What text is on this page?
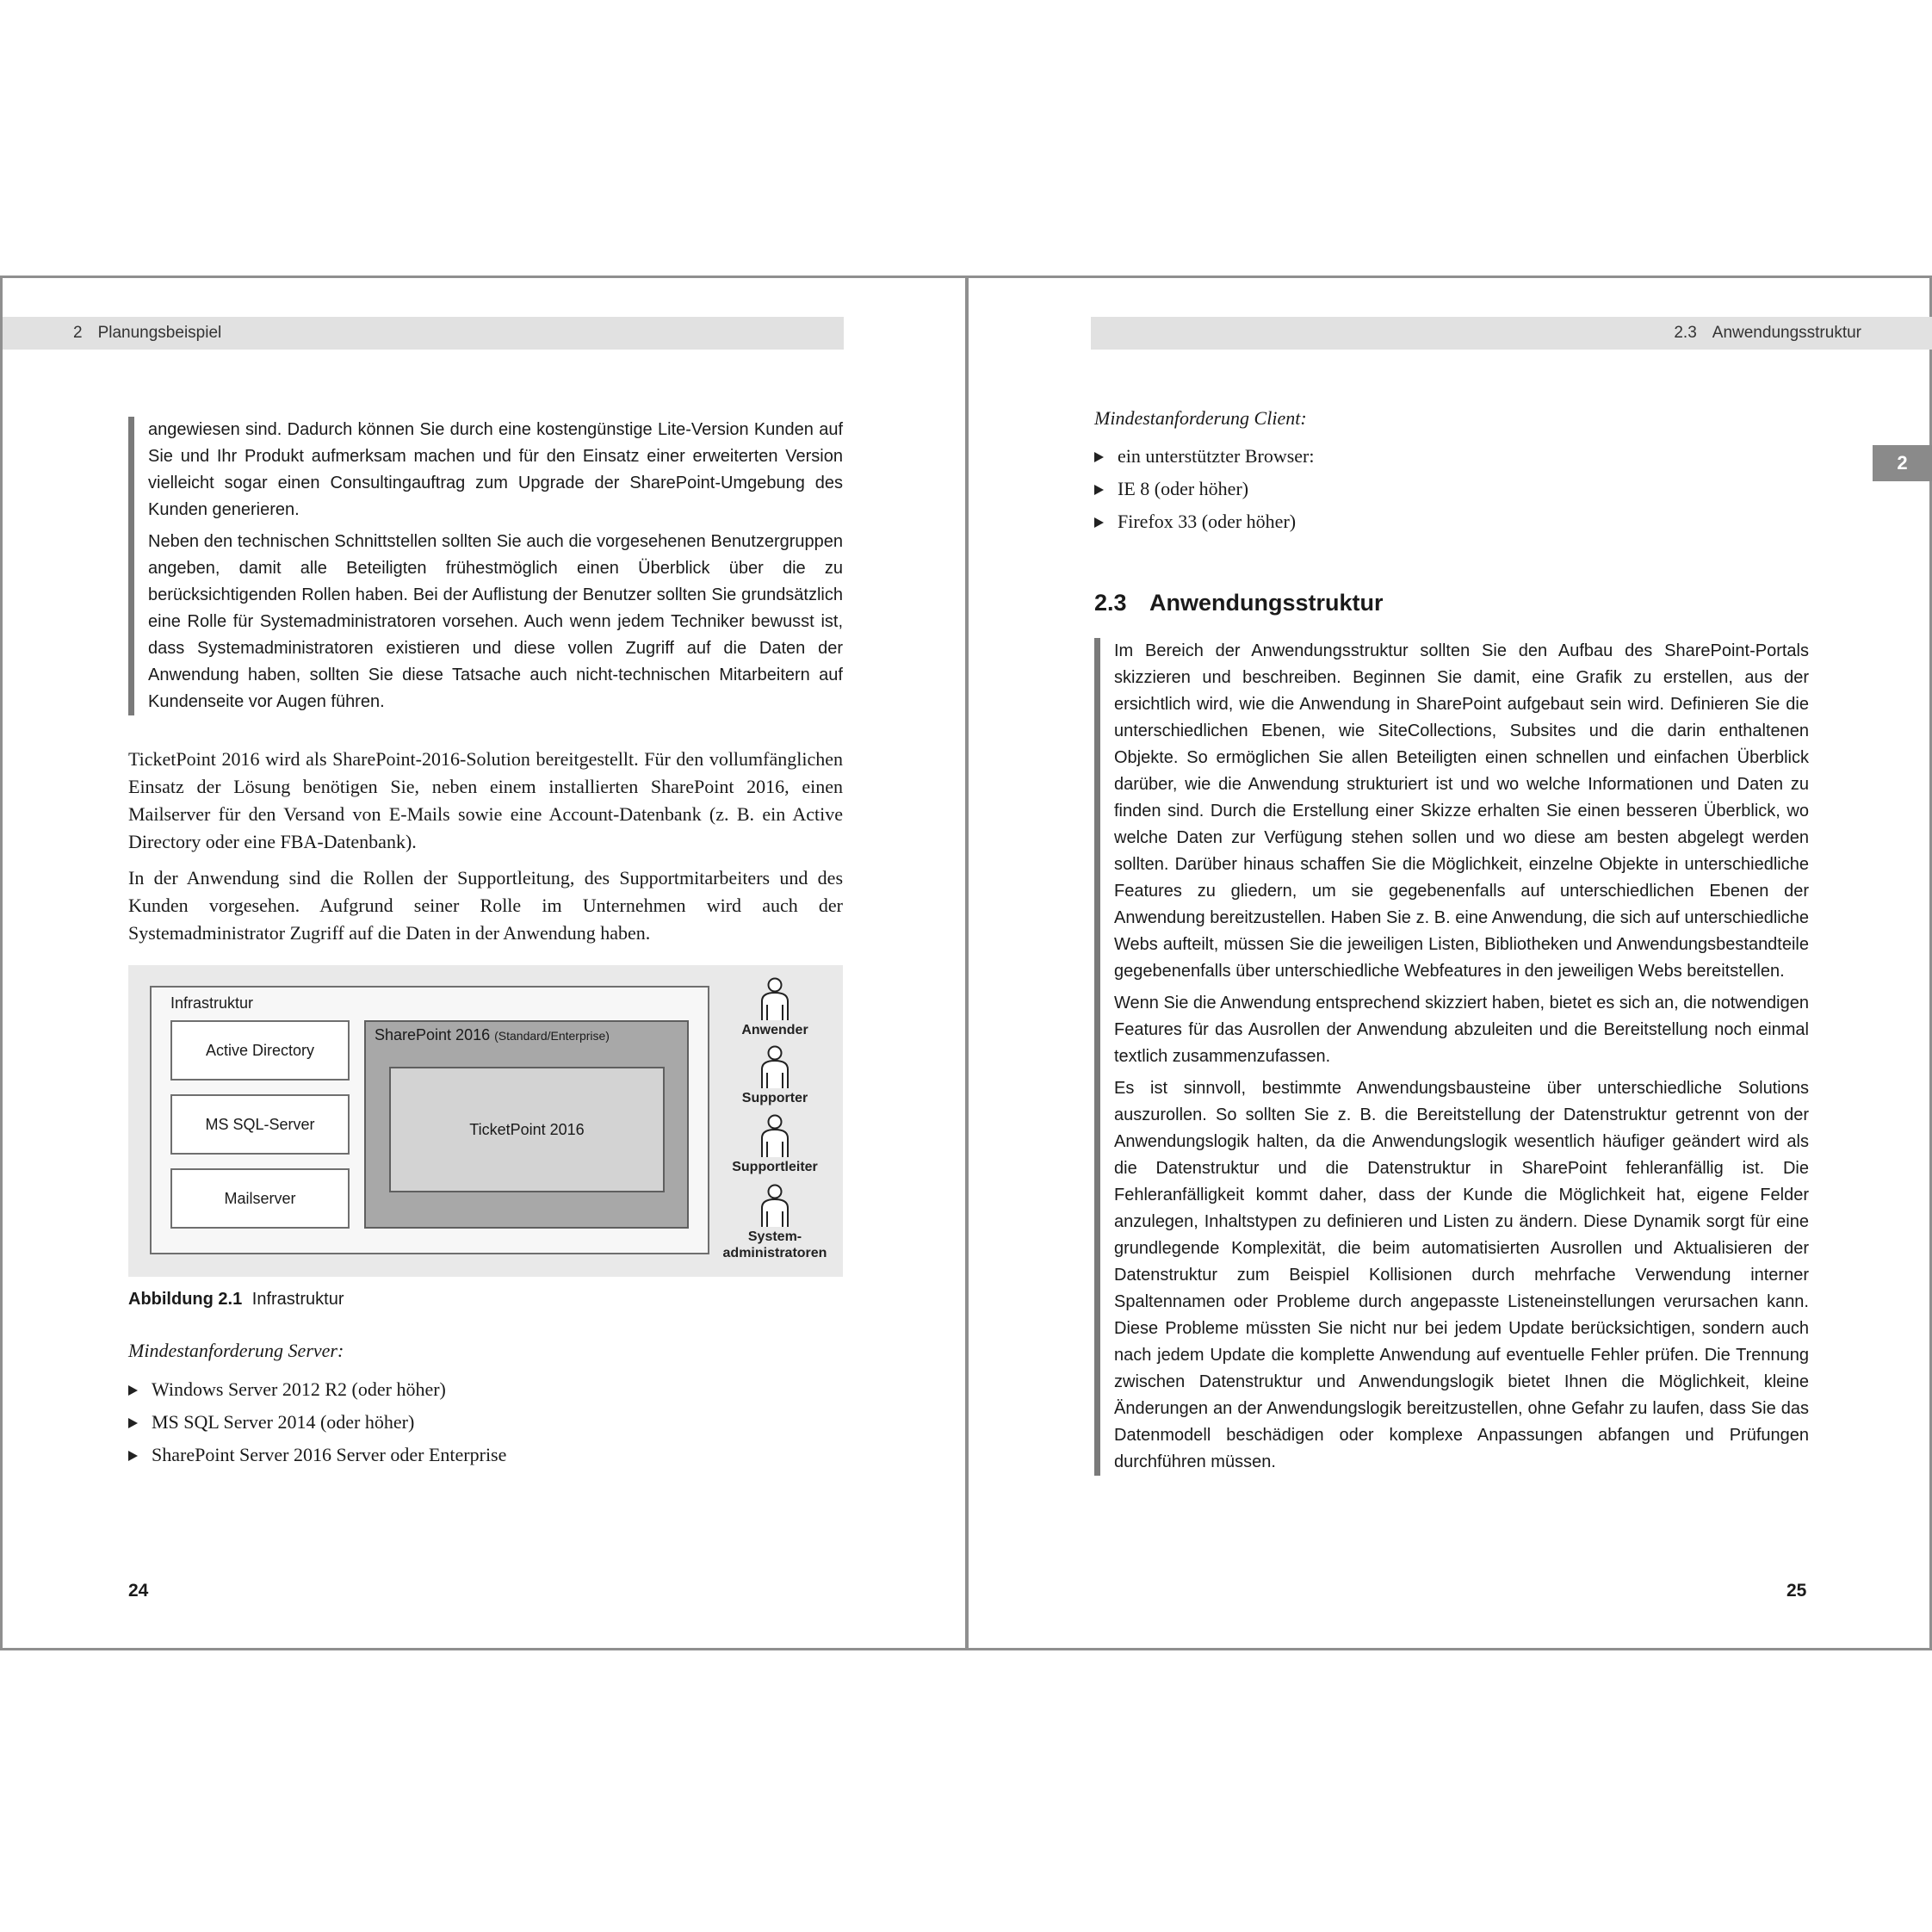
2 Planungsbeispiel

angewiesen sind. Dadurch können Sie durch eine kostengünstige Lite-Version Kunden auf Sie und Ihr Produkt aufmerksam machen und für den Einsatz einer erweiterten Version vielleicht sogar einen Consultingauftrag zum Upgrade der SharePoint-Umgebung des Kunden generieren.

Neben den technischen Schnittstellen sollten Sie auch die vorgesehenen Benutzergruppen angeben, damit alle Beteiligten frühestmöglich einen Überblick über die zu berücksichtigenden Rollen haben. Bei der Auflistung der Benutzer sollten Sie grundsätzlich eine Rolle für Systemadministratoren vorsehen. Auch wenn jedem Techniker bewusst ist, dass Systemadministratoren existieren und diese vollen Zugriff auf die Daten der Anwendung haben, sollten Sie diese Tatsache auch nicht-technischen Mitarbeitern auf Kundenseite vor Augen führen.

TicketPoint 2016 wird als SharePoint-2016-Solution bereitgestellt. Für den vollumfänglichen Einsatz der Lösung benötigen Sie, neben einem installierten SharePoint 2016, einen Mailserver für den Versand von E-Mails sowie eine Account-Datenbank (z. B. ein Active Directory oder eine FBA-Datenbank).

In der Anwendung sind die Rollen der Supportleitung, des Supportmitarbeiters und des Kunden vorgesehen. Aufgrund seiner Rolle im Unternehmen wird auch der Systemadministrator Zugriff auf die Daten in der Anwendung haben.

Infrastruktur
Active Directory
MS SQL-Server
Mailserver
SharePoint 2016 (Standard/Enterprise)
TicketPoint 2016
Anwender
Supporter
Supportleiter
System-
administratoren
Abbildung 2.1 Infrastruktur
Mindestanforderung Server:
Windows Server 2012 R2 (oder höher)
MS SQL Server 2014 (oder höher)
SharePoint Server 2016 Server oder Enterprise
24
2.3 Anwendungsstruktur
Mindestanforderung Client:
ein unterstützter Browser:
IE 8 (oder höher)
Firefox 33 (oder höher)
2.3 Anwendungsstruktur

Im Bereich der Anwendungsstruktur sollten Sie den Aufbau des SharePoint-Portals skizzieren und beschreiben. Beginnen Sie damit, eine Grafik zu erstellen, aus der ersichtlich wird, wie die Anwendung in SharePoint aufgebaut sein wird. Definieren Sie die unterschiedlichen Ebenen, wie SiteCollections, Subsites und die darin enthaltenen Objekte. So ermöglichen Sie allen Beteiligten einen schnellen und einfachen Überblick darüber, wie die Anwendung strukturiert ist und wo welche Informationen und Daten zu finden sind. Durch die Erstellung einer Skizze erhalten Sie einen besseren Überblick, wo welche Daten zur Verfügung stehen sollen und wo diese am besten abgelegt werden sollten. Darüber hinaus schaffen Sie die Möglichkeit, einzelne Objekte in unterschiedliche Features zu gliedern, um sie gegebenenfalls auf unterschiedlichen Ebenen der Anwendung bereitzustellen. Haben Sie z. B. eine Anwendung, die sich auf unterschiedliche Webs aufteilt, müssen Sie die jeweiligen Listen, Bibliotheken und Anwendungsbestandteile gegebenenfalls über unterschiedliche Webfeatures in den jeweiligen Webs bereitstellen.

Wenn Sie die Anwendung entsprechend skizziert haben, bietet es sich an, die notwendigen Features für das Ausrollen der Anwendung abzuleiten und die Bereitstellung noch einmal textlich zusammenzufassen.

Es ist sinnvoll, bestimmte Anwendungsbausteine über unterschiedliche Solutions auszurollen. So sollten Sie z. B. die Bereitstellung der Datenstruktur getrennt von der Anwendungslogik halten, da die Anwendungslogik wesentlich häufiger geändert wird als die Datenstruktur und die Datenstruktur in SharePoint fehleranfällig ist. Die Fehleranfälligkeit kommt daher, dass der Kunde die Möglichkeit hat, eigene Felder anzulegen, Inhaltstypen zu definieren und Listen zu ändern. Diese Dynamik sorgt für eine grundlegende Komplexität, die beim automatisierten Ausrollen und Aktualisieren der Datenstruktur zum Beispiel Kollisionen durch mehrfache Verwendung interner Spaltennamen oder Probleme durch angepasste Listeneinstellungen verursachen kann. Diese Probleme müssten Sie nicht nur bei jedem Update berücksichtigen, sondern auch nach jedem Update die komplette Anwendung auf eventuelle Fehler prüfen. Die Trennung zwischen Datenstruktur und Anwendungslogik bietet Ihnen die Möglichkeit, kleine Änderungen an der Anwendungslogik bereitzustellen, ohne Gefahr zu laufen, dass Sie das Datenmodell beschädigen oder komplexe Anpassungen abfangen und Prüfungen durchführen müssen.

25
2
